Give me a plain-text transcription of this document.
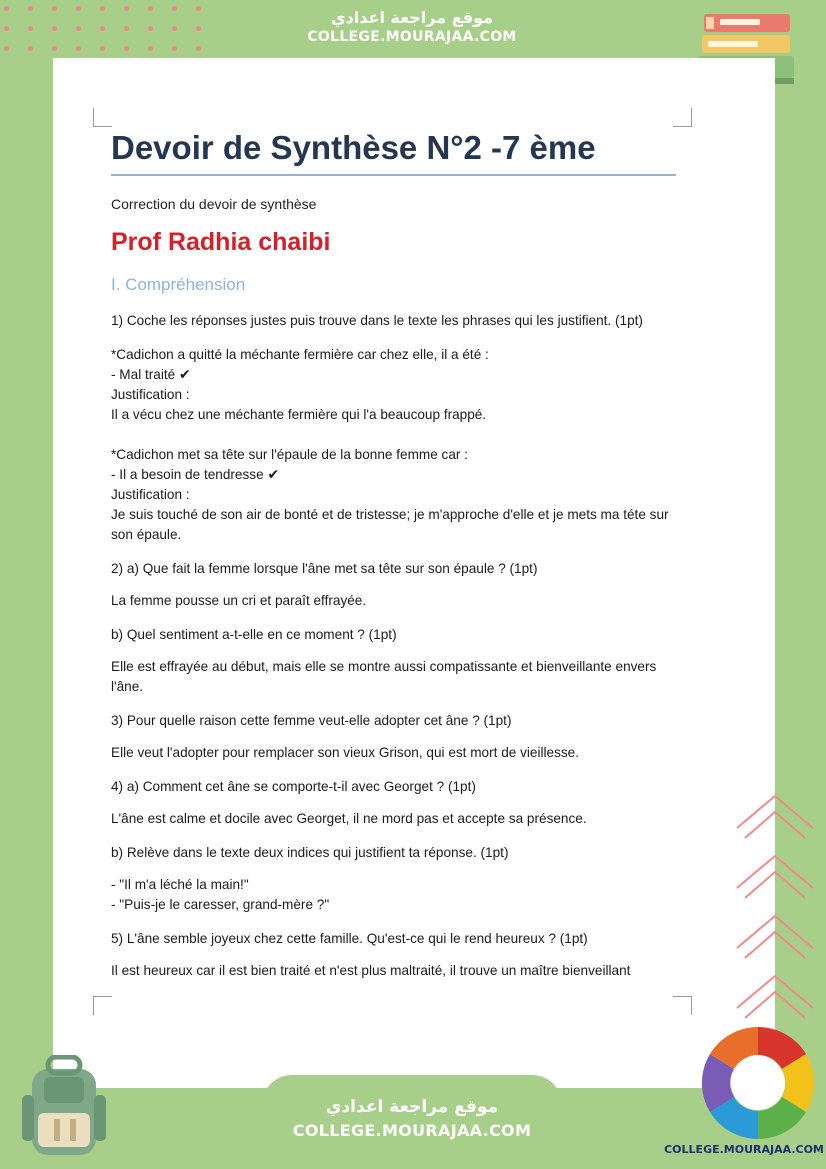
موقع مراجعة اعدادي
COLLEGE.MOURAJAA.COM
Devoir de Synthèse N°2 -7 ème
Correction du devoir de synthèse
Prof Radhia chaibi
I. Compréhension

1) Coche les réponses justes puis trouve dans le texte les phrases qui les justifient. (1pt)

*Cadichon a quitté la méchante fermière car chez elle, il a été :

- Mal traité ✔

Justification :

Il a vécu chez une méchante fermière qui l'a beaucoup frappé.

*Cadichon met sa tête sur l'épaule de la bonne femme car :

- Il a besoin de tendresse ✔

Justification :

Je suis touché de son air de bonté et de tristesse; je m'approche d'elle et je mets ma téte sur son épaule.

2) a) Que fait la femme lorsque l'âne met sa tête sur son épaule ? (1pt)

La femme pousse un cri et paraît effrayée.

b) Quel sentiment a-t-elle en ce moment ? (1pt)

Elle est effrayée au début, mais elle se montre aussi compatissante et bienveillante envers l'âne.

3) Pour quelle raison cette femme veut-elle adopter cet âne ? (1pt)

Elle veut l'adopter pour remplacer son vieux Grison, qui est mort de vieillesse.

4) a) Comment cet âne se comporte-t-il avec Georget ? (1pt)

L'âne est calme et docile avec Georget, il ne mord pas et accepte sa présence.

b) Relève dans le texte deux indices qui justifient ta réponse. (1pt)

- "Il m'a léché la main!"

- "Puis-je le caresser, grand-mère ?"

5) L'âne semble joyeux chez cette famille. Qu'est-ce qui le rend heureux ? (1pt)

Il est heureux car il est bien traité et n'est plus maltraité, il trouve un maître bienveillant

موقع مراجعة اعدادي
COLLEGE.MOURAJAA.COM
COLLEGE.MOURAJAA.COM
